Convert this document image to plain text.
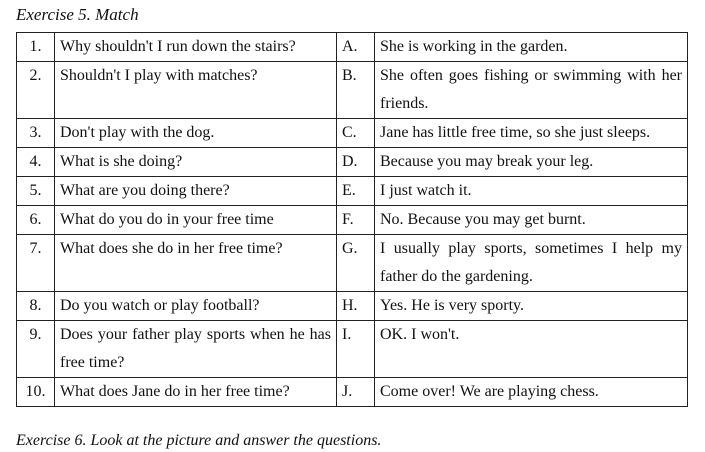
Exercise 5. Match
1.	Why shouldn't I run down the stairs?	A.	She is working in the garden.
2.	Shouldn't I play with matches?	B.	She often goes fishing or swimming with her friends.
3.	Don't play with the dog.	C.	Jane has little free time, so she just sleeps.
4.	What is she doing?	D.	Because you may break your leg.
5.	What are you doing there?	E.	I just watch it.
6.	What do you do in your free time	F.	No. Because you may get burnt.
7.	What does she do in her free time?	G.	I usually play sports, sometimes I help my father do the gardening.
8.	Do you watch or play football?	H.	Yes. He is very sporty.
9.	Does your father play sports when he has free time?	I.	OK. I won't.
10.	What does Jane do in her free time?	J.	Come over! We are playing chess.
Exercise 6. Look at the picture and answer the questions.
